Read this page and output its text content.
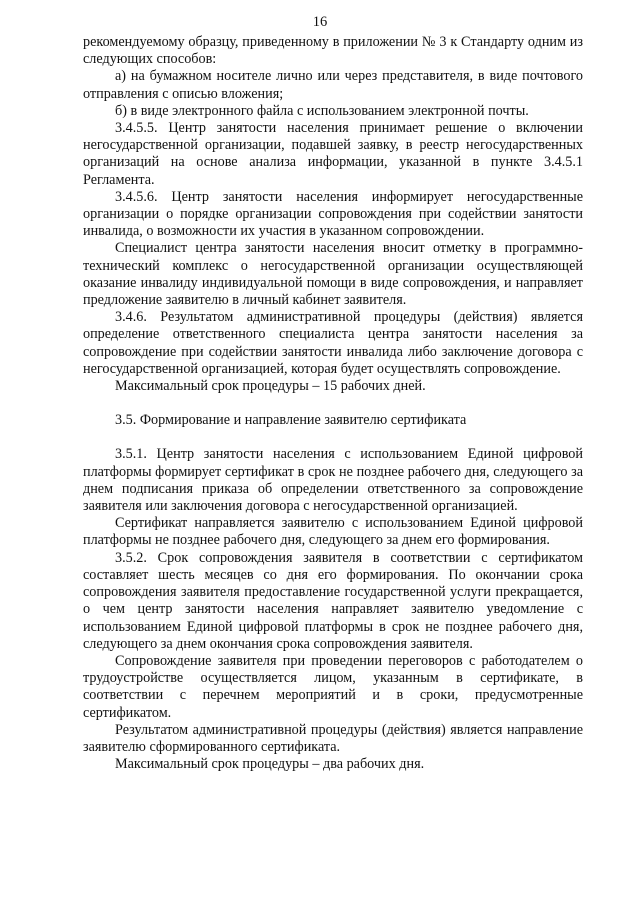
16

рекомендуемому образцу, приведенному в приложении № 3 к Стандарту одним из следующих способов:

а) на бумажном носителе лично или через представителя, в виде почтового отправления с описью вложения;

б) в виде электронного файла с использованием электронной почты.

3.4.5.5. Центр занятости населения принимает решение о включении негосударственной организации, подавшей заявку, в реестр негосударственных организаций на основе анализа информации, указанной в пункте 3.4.5.1 Регламента.

3.4.5.6. Центр занятости населения информирует негосударственные организации о порядке организации сопровождения при содействии занятости инвалида, о возможности их участия в указанном сопровождении.

Специалист центра занятости населения вносит отметку в программно-технический комплекс о негосударственной организации осуществляющей оказание инвалиду индивидуальной помощи в виде сопровождения, и направляет предложение заявителю в личный кабинет заявителя.

3.4.6. Результатом административной процедуры (действия) является определение ответственного специалиста центра занятости населения за сопровождение при содействии занятости инвалида либо заключение договора с негосударственной организацией, которая будет осуществлять сопровождение.

Максимальный срок процедуры – 15 рабочих дней.

3.5. Формирование и направление заявителю сертификата

3.5.1. Центр занятости населения с использованием Единой цифровой платформы формирует сертификат в срок не позднее рабочего дня, следующего за днем подписания приказа об определении ответственного за сопровождение заявителя или заключения договора с негосударственной организацией.

Сертификат направляется заявителю с использованием Единой цифровой платформы не позднее рабочего дня, следующего за днем его формирования.

3.5.2. Срок сопровождения заявителя в соответствии с сертификатом составляет шесть месяцев со дня его формирования. По окончании срока сопровождения заявителя предоставление государственной услуги прекращается, о чем центр занятости населения направляет заявителю уведомление с использованием Единой цифровой платформы в срок не позднее рабочего дня, следующего за днем окончания срока сопровождения заявителя.

Сопровождение заявителя при проведении переговоров с работодателем о трудоустройстве осуществляется лицом, указанным в сертификате, в соответствии с перечнем мероприятий и в сроки, предусмотренные сертификатом.

Результатом административной процедуры (действия) является направление заявителю сформированного сертификата.

Максимальный срок процедуры – два рабочих дня.
